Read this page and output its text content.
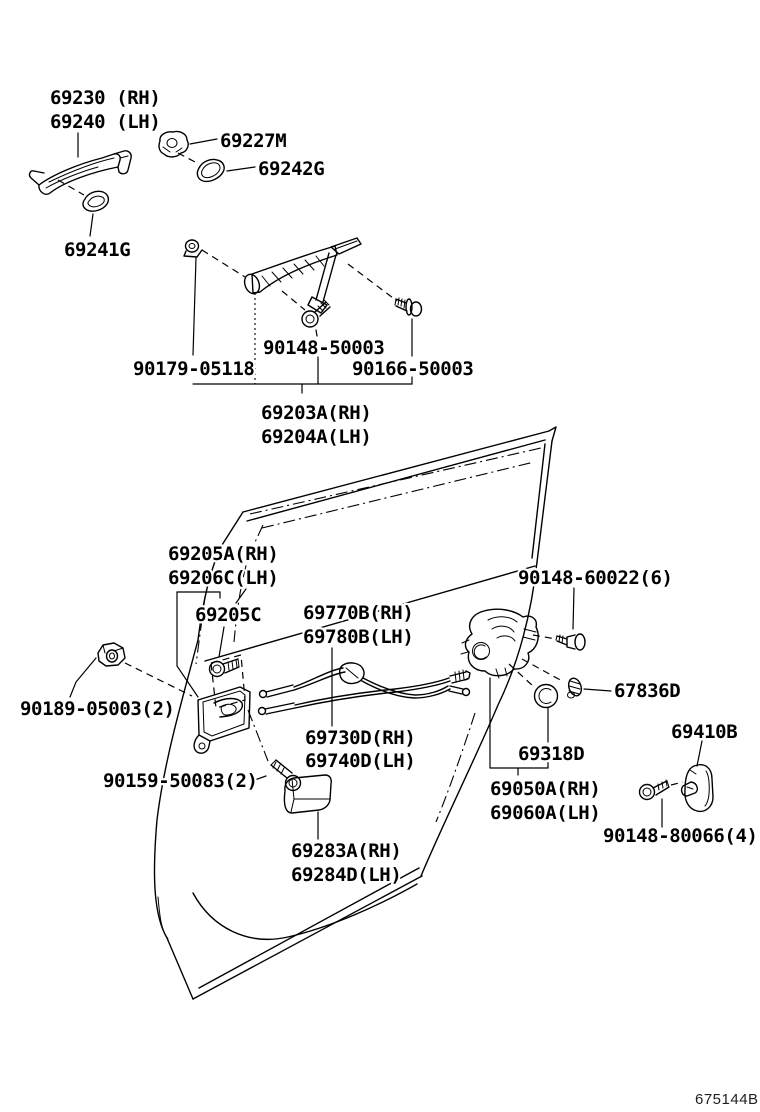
69230 (RH)
69240 (LH)
69227M
69242G
69241G
90179-05118
90148-50003
90166-50003
69203A(RH)
69204A(LH)
69205A(RH)
69206C(LH)
69205C 69770B(RH)
69780B(LH)
90148-60022(6)
90189-05003(2)
67836D
69318D
69730D(RH)
69740D(LH)
90159-50083(2)	69050A(RH)
69060A(LH)
69283A(RH)
69284D(LH)
69410B
90148-80066(4)
675144B
